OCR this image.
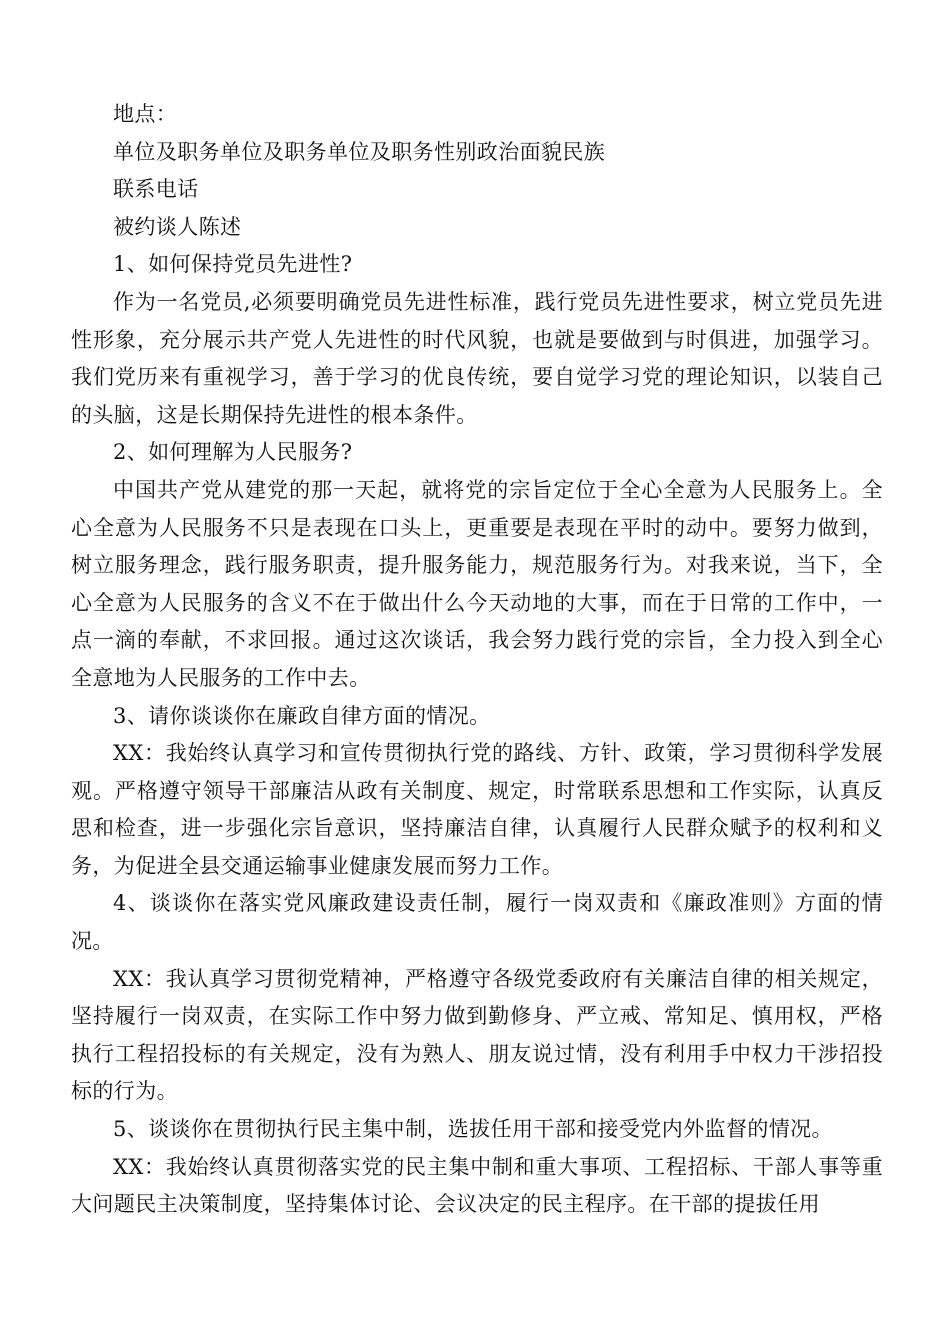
地点：

单位及职务单位及职务单位及职务性别政治面貌民族

联系电话

被约谈人陈述

1、如何保持党员先进性?

作为一名党员,必须要明确党员先进性标准，践行党员先进性要求，树立党员先进性形象，充分展示共产党人先进性的时代风貌，也就是要做到与时俱进，加强学习。我们党历来有重视学习，善于学习的优良传统，要自觉学习党的理论知识，以装自己的头脑，这是长期保持先进性的根本条件。

2、如何理解为人民服务?

中国共产党从建党的那一天起，就将党的宗旨定位于全心全意为人民服务上。全心全意为人民服务不只是表现在口头上，更重要是表现在平时的动中。要努力做到，树立服务理念，践行服务职责，提升服务能力，规范服务行为。对我来说，当下，全心全意为人民服务的含义不在于做出什么今天动地的大事，而在于日常的工作中，一点一滴的奉献，不求回报。通过这次谈话，我会努力践行党的宗旨，全力投入到全心全意地为人民服务的工作中去。

3、请你谈谈你在廉政自律方面的情况。

XX：我始终认真学习和宣传贯彻执行党的路线、方针、政策，学习贯彻科学发展观。严格遵守领导干部廉洁从政有关制度、规定，时常联系思想和工作实际，认真反思和检查，进一步强化宗旨意识，坚持廉洁自律，认真履行人民群众赋予的权利和义务，为促进全县交通运输事业健康发展而努力工作。

4、谈谈你在落实党风廉政建设责任制，履行一岗双责和《廉政准则》方面的情况。

XX：我认真学习贯彻党精神，严格遵守各级党委政府有关廉洁自律的相关规定，坚持履行一岗双责，在实际工作中努力做到勤修身、严立戒、常知足、慎用权，严格执行工程招投标的有关规定，没有为熟人、朋友说过情，没有利用手中权力干涉招投标的行为。

5、谈谈你在贯彻执行民主集中制，选拔任用干部和接受党内外监督的情况。

XX：我始终认真贯彻落实党的民主集中制和重大事项、工程招标、干部人事等重大问题民主决策制度，坚持集体讨论、会议决定的民主程序。在干部的提拔任用
